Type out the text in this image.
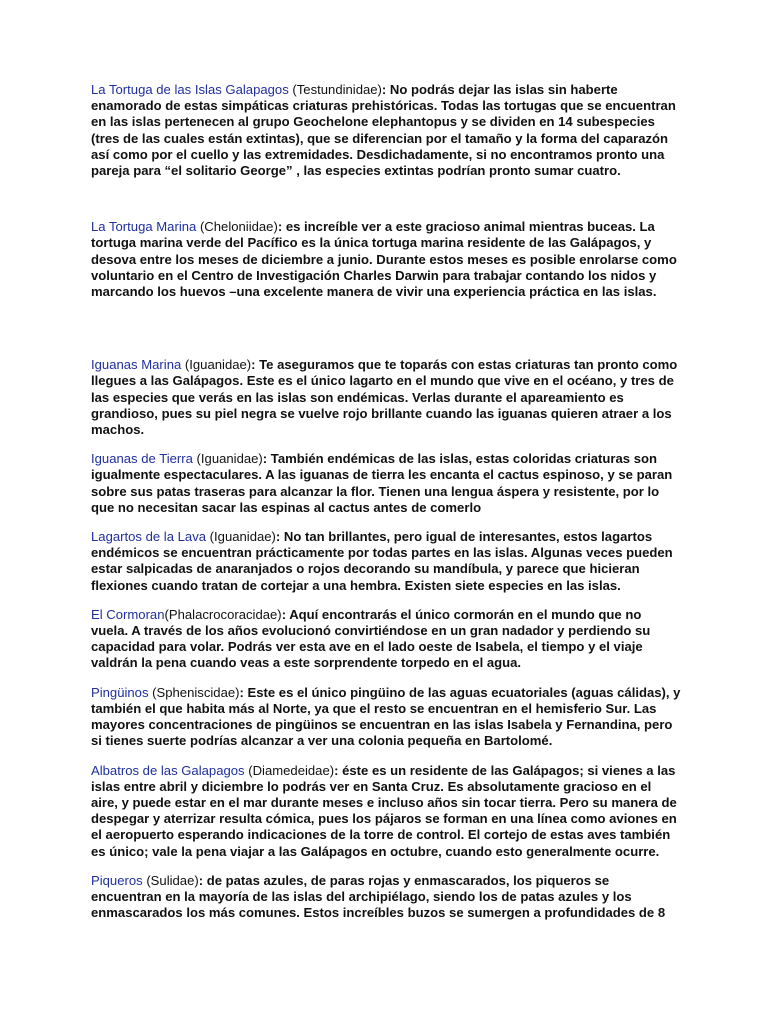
La Tortuga de las Islas Galapagos (Testundinidae): No podrás dejar las islas sin haberte enamorado de estas simpáticas criaturas prehistóricas. Todas las tortugas que se encuentran en las islas pertenecen al grupo Geochelone elephantopus y se dividen en 14 subespecies (tres de las cuales están extintas), que se diferencian por el tamaño y la forma del caparazón así como por el cuello y las extremidades. Desdichadamente, si no encontramos pronto una pareja para “el solitario George” , las especies extintas podrían pronto sumar cuatro.

La Tortuga Marina (Cheloniidae): es increíble ver a este gracioso animal mientras buceas. La tortuga marina verde del Pacífico es la única tortuga marina residente de las Galápagos, y desova entre los meses de diciembre a junio. Durante estos meses es posible enrolarse como voluntario en el Centro de Investigación Charles Darwin para trabajar contando los nidos y marcando los huevos –una excelente manera de vivir una experiencia práctica en las islas.

Iguanas Marina (Iguanidae): Te aseguramos que te toparás con estas criaturas tan pronto como llegues a las Galápagos. Este es el único lagarto en el mundo que vive en el océano, y tres de las especies que verás en las islas son endémicas. Verlas durante el apareamiento es grandioso, pues su piel negra se vuelve rojo brillante cuando las iguanas quieren atraer a los machos.

Iguanas de Tierra (Iguanidae): También endémicas de las islas, estas coloridas criaturas son igualmente espectaculares. A las iguanas de tierra les encanta el cactus espinoso, y se paran sobre sus patas traseras para alcanzar la flor. Tienen una lengua áspera y resistente, por lo que no necesitan sacar las espinas al cactus antes de comerlo

Lagartos de la Lava (Iguanidae): No tan brillantes, pero igual de interesantes, estos lagartos endémicos se encuentran prácticamente por todas partes en las islas. Algunas veces pueden estar salpicadas de anaranjados o rojos decorando su mandíbula, y parece que hicieran flexiones cuando tratan de cortejar a una hembra. Existen siete especies en las islas.

El Cormoran(Phalacrocoracidae): Aquí encontrarás el único cormorán en el mundo que no vuela. A través de los años evolucionó convirtiéndose en un gran nadador y perdiendo su capacidad para volar. Podrás ver esta ave en el lado oeste de Isabela, el tiempo y el viaje valdrán la pena cuando veas a este sorprendente torpedo en el agua.

Pingüinos (Spheniscidae): Este es el único pingüino de las aguas ecuatoriales (aguas cálidas), y también el que habita más al Norte, ya que el resto se encuentran en el hemisferio Sur. Las mayores concentraciones de pingüinos se encuentran en las islas Isabela y Fernandina, pero si tienes suerte podrías alcanzar a ver una colonia pequeña en Bartolomé.

Albatros de las Galapagos (Diamedeidae): éste es un residente de las Galápagos; si vienes a las islas entre abril y diciembre lo podrás ver en Santa Cruz. Es absolutamente gracioso en el aire, y puede estar en el mar durante meses e incluso años sin tocar tierra. Pero su manera de despegar y aterrizar resulta cómica, pues los pájaros se forman en una línea como aviones en el aeropuerto esperando indicaciones de la torre de control. El cortejo de estas aves también es único; vale la pena viajar a las Galápagos en octubre, cuando esto generalmente ocurre.

Piqueros (Sulidae): de patas azules, de paras rojas y enmascarados, los piqueros se encuentran en la mayoría de las islas del archipiélago, siendo los de patas azules y los enmascarados los más comunes. Estos increíbles buzos se sumergen a profundidades de 8
